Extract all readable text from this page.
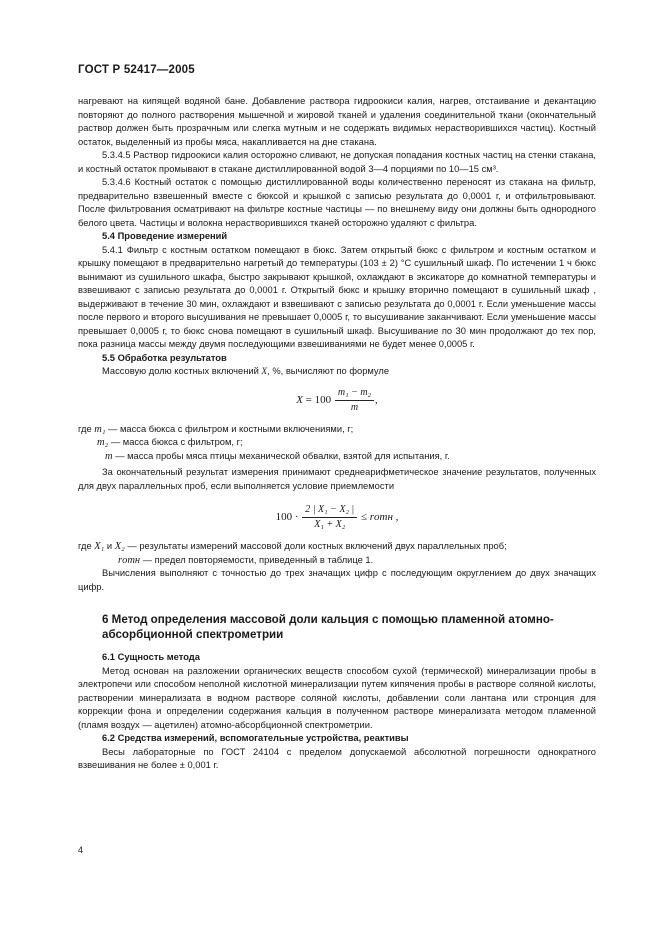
ГОСТ Р 52417—2005

нагревают на кипящей водяной бане. Добавление раствора гидроокиси калия, нагрев, отстаивание и декантацию повторяют до полного растворения мышечной и жировой тканей и удаления соединительной ткани (окончательный раствор должен быть прозрачным или слегка мутным и не содержать видимых нерастворившихся частиц). Костный остаток, выделенный из пробы мяса, накапливается на дне стакана.

5.3.4.5 Раствор гидроокиси калия осторожно сливают, не допуская попадания костных частиц на стенки стакана, и костный остаток промывают в стакане дистиллированной водой 3—4 порциями по 10—15 см³.

5.3.4.6 Костный остаток с помощью дистиллированной воды количественно переносят из стакана на фильтр, предварительно взвешенный вместе с бюксой и крышкой с записью результата до 0,0001 г, и отфильтровывают. После фильтрования осматривают на фильтре костные частицы — по внешнему виду они должны быть однородного белого цвета. Частицы и волокна нерастворившихся тканей осторожно удаляют с фильтра.

5.4 Проведение измерений

5.4.1 Фильтр с костным остатком помещают в бюкс. Затем открытый бюкс с фильтром и костным остатком и крышку помещают в предварительно нагретый до температуры (103 ± 2) °С сушильный шкаф. По истечении 1 ч бюкс вынимают из сушильного шкафа, быстро закрывают крышкой, охлаждают в эксикаторе до комнатной температуры и взвешивают с записью результата до 0,0001 г. Открытый бюкс и крышку вторично помещают в сушильный шкаф , выдерживают в течение 30 мин, охлаждают и взвешивают с записью результата до 0,0001 г. Если уменьшение массы после первого и второго высушивания не превышает 0,0005 г, то высушивание заканчивают. Если уменьшение массы превышает 0,0005 г, то бюкс снова помещают в сушильный шкаф. Высушивание по 30 мин продолжают до тех пор, пока разница массы между двумя последующими взвешиваниями не будет менее 0,0005 г.

5.5 Обработка результатов

Массовую долю костных включений X, %, вычисляют по формуле

$X = 100 \frac{\text{m₁ − m₂}}{m}$ ,
где m₁ — масса бюкса с фильтром и костными включениями, г;
m₂ — масса бюкса с фильтром, г;
m — масса пробы мяса птицы механической обвалки, взятой для испытания, г.

За окончательный результат измерения принимают среднеарифметическое значение результатов, полученных для двух параллельных проб, если выполняется условие приемлемости

$100 \cdot \frac{\text{2 | X₁ − X₂ |}}{\text{X₁ + X₂}}$ ≤ rотн ,
где X₁ и X₂ — результаты измерений массовой доли костных включений двух параллельных проб;
rотн — предел повторяемости, приведенный в таблице 1.

Вычисления выполняют с точностью до трех значащих цифр с последующим округлением до двух значащих цифр.

6 Метод определения массовой доли кальция с помощью пламенной атомно-абсорбционной спектрометрии
6.1 Сущность метода

Метод основан на разложении органических веществ способом сухой (термической) минерализации пробы в электропечи или способом неполной кислотной минерализации путем кипячения пробы в растворе соляной кислоты, растворении минерализата в водном растворе соляной кислоты, добавлении соли лантана или стронция для коррекции фона и определении содержания кальция в полученном растворе минерализата методом пламенной (пламя воздух — ацетилен) атомно-абсорбционной спектрометрии.

6.2 Средства измерений, вспомогательные устройства, реактивы

Весы лабораторные по ГОСТ 24104 с пределом допускаемой абсолютной погрешности однократного взвешивания не более ± 0,001 г.

4
